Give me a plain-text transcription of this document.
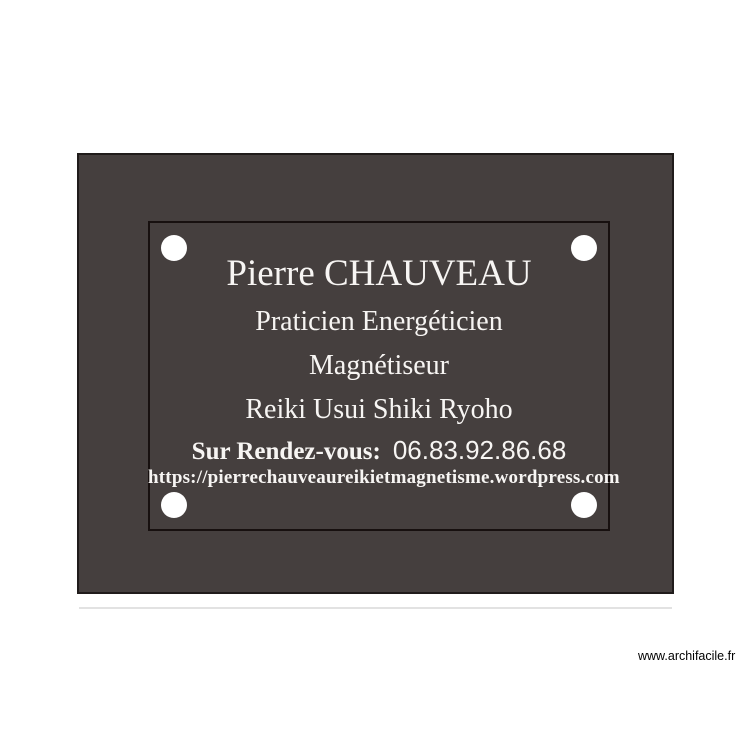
Pierre CHAUVEAU
Praticien Energéticien
Magnétiseur
Reiki Usui Shiki Ryoho
Sur Rendez-vous: 06.83.92.86.68
https://pierrechauveaureikietmagnetisme.wordpress.com
www.archifacile.fr
